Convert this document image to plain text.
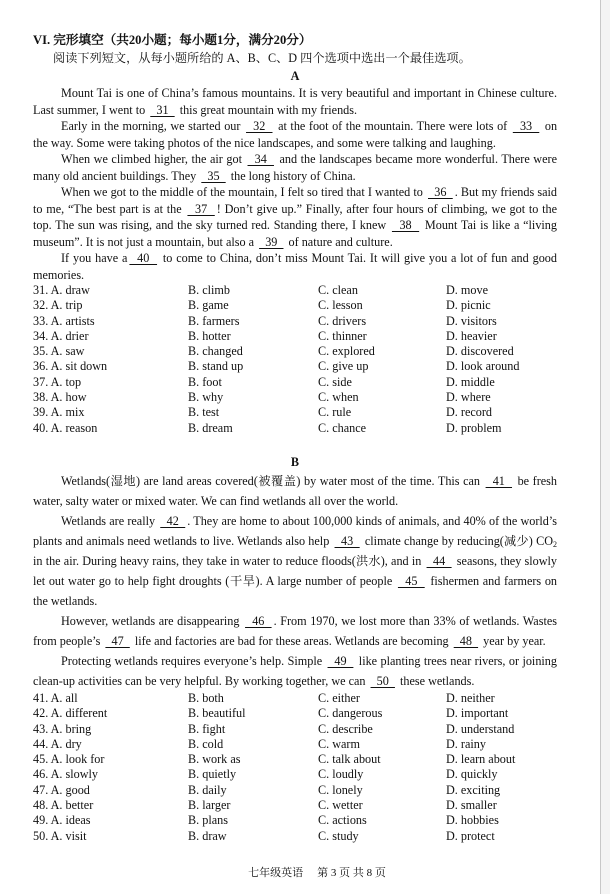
VI. 完形填空（共20小题；每小题1分，满分20分）
阅读下列短文，从每小题所给的 A、B、C、D 四个选项中选出一个最佳选项。
A

Mount Tai is one of China’s famous mountains. It is very beautiful and important in Chinese culture. Last summer, I went to   31   this great mountain with my friends.

Early in the morning, we started our   32   at the foot of the mountain. There were lots of   33   on the way. Some were taking photos of the nice landscapes, and some were talking and laughing.

When we climbed higher, the air got   34   and the landscapes became more wonderful. There were many old ancient buildings. They   35   the long history of China.

When we got to the middle of the mountain, I felt so tired that I wanted to   36  . But my friends said to me, “The best part is at the   37  ! Don’t give up.” Finally, after four hours of climbing, we got to the top. The sun was rising, and the sky turned red. Standing there, I knew   38   Mount Tai is like a “living museum”. It is not just a mountain, but also a   39   of nature and culture.

If you have a  40   to come to China, don’t miss Mount Tai. It will give you a lot of fun and good memories.

31. A. draw	B. climb	C. clean	D. move
32. A. trip	B. game	C. lesson	D. picnic
33. A. artists	B. farmers	C. drivers	D. visitors
34. A. drier	B. hotter	C. thinner	D. heavier
35. A. saw	B. changed	C. explored	D. discovered
36. A. sit down	B. stand up	C. give up	D. look around
37. A. top	B. foot	C. side	D. middle
38. A. how	B. why	C. when	D. where
39. A. mix	B. test	C. rule	D. record
40. A. reason	B. dream	C. chance	D. problem
B

Wetlands(湿地) are land areas covered(被覆盖) by water most of the time. This can   41   be fresh water, salty water or mixed water. We can find wetlands all over the world.

Wetlands are really   42  . They are home to about 100,000 kinds of animals, and 40% of the world’s plants and animals need wetlands to live. Wetlands also help   43   climate change by reducing(减少) $CO_2$ in the air. During heavy rains, they take in water to reduce floods(洪水), and in   44   seasons, they slowly let out water go to help fight droughts (干旱). A large number of people   45   fishermen and farmers on the wetlands.

However, wetlands are disappearing   46  . From 1970, we lost more than 33% of wetlands. Wastes from people’s   47   life and factories are bad for these areas. Wetlands are becoming   48   year by year.

Protecting wetlands requires everyone’s help. Simple   49   like planting trees near rivers, or joining clean-up activities can be very helpful. By working together, we can   50   these wetlands.

41. A. all	B. both	C. either	D. neither
42. A. different	B. beautiful	C. dangerous	D. important
43. A. bring	B. fight	C. describe	D. understand
44. A. dry	B. cold	C. warm	D. rainy
45. A. look for	B. work as	C. talk about	D. learn about
46. A. slowly	B. quietly	C. loudly	D. quickly
47. A. good	B. daily	C. lonely	D. exciting
48. A. better	B. larger	C. wetter	D. smaller
49. A. ideas	B. plans	C. actions	D. hobbies
50. A. visit	B. draw	C. study	D. protect
七年级英语 第 3 页 共 8 页
